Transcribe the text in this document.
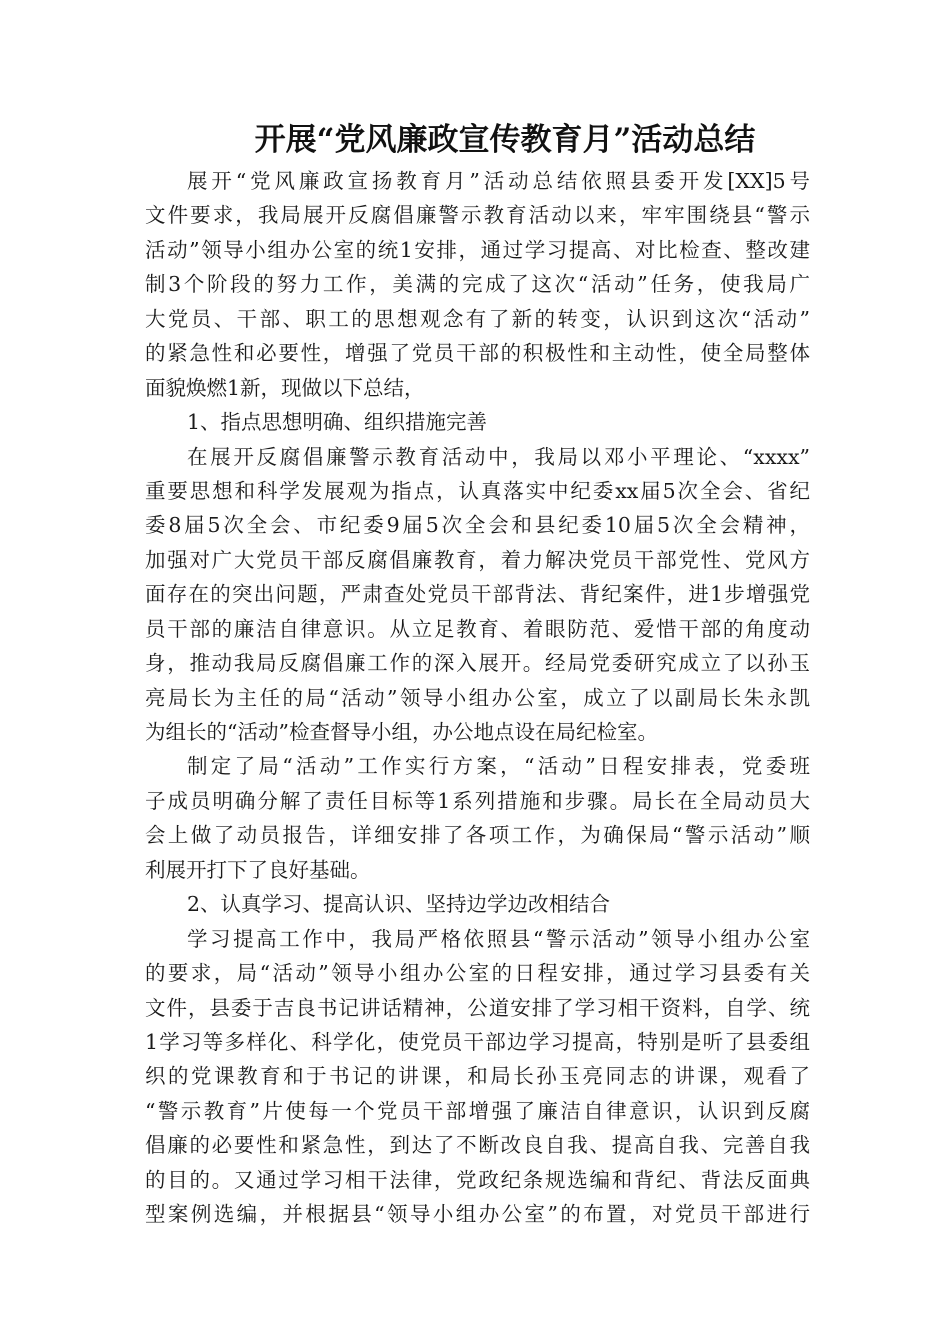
开展“党风廉政宣传教育月”活动总结
展开“党风廉政宣扬教育月”活动总结依照县委开发[XX]5号
文件要求，我局展开反腐倡廉警示教育活动以来，牢牢围绕县“警示
活动”领导小组办公室的统1安排，通过学习提高、对比检查、整改建
制3个阶段的努力工作，美满的完成了这次“活动”任务，使我局广
大党员、干部、职工的思想观念有了新的转变，认识到这次“活动”
的紧急性和必要性，增强了党员干部的积极性和主动性，使全局整体
面貌焕燃1新，现做以下总结，
1、指点思想明确、组织措施完善
在展开反腐倡廉警示教育活动中，我局以邓小平理论、“xxxx”
重要思想和科学发展观为指点，认真落实中纪委xx届5次全会、省纪
委8届5次全会、市纪委9届5次全会和县纪委10届5次全会精神，
加强对广大党员干部反腐倡廉教育，着力解决党员干部党性、党风方
面存在的突出问题，严肃查处党员干部背法、背纪案件，进1步增强党
员干部的廉洁自律意识。从立足教育、着眼防范、爱惜干部的角度动
身，推动我局反腐倡廉工作的深入展开。经局党委研究成立了以孙玉
亮局长为主任的局“活动”领导小组办公室，成立了以副局长朱永凯
为组长的“活动”检查督导小组，办公地点设在局纪检室。
制定了局“活动”工作实行方案，“活动”日程安排表，党委班
子成员明确分解了责任目标等1系列措施和步骤。局长在全局动员大
会上做了动员报告，详细安排了各项工作，为确保局“警示活动”顺
利展开打下了良好基础。
2、认真学习、提高认识、坚持边学边改相结合
学习提高工作中，我局严格依照县“警示活动”领导小组办公室
的要求，局“活动”领导小组办公室的日程安排，通过学习县委有关
文件，县委于吉良书记讲话精神，公道安排了学习相干资料，自学、统
1学习等多样化、科学化，使党员干部边学习提高，特别是听了县委组
织的党课教育和于书记的讲课，和局长孙玉亮同志的讲课，观看了
“警示教育”片使每一个党员干部增强了廉洁自律意识，认识到反腐
倡廉的必要性和紧急性，到达了不断改良自我、提高自我、完善自我
的目的。又通过学习相干法律，党政纪条规选编和背纪、背法反面典
型案例选编，并根据县“领导小组办公室”的布置，对党员干部进行
